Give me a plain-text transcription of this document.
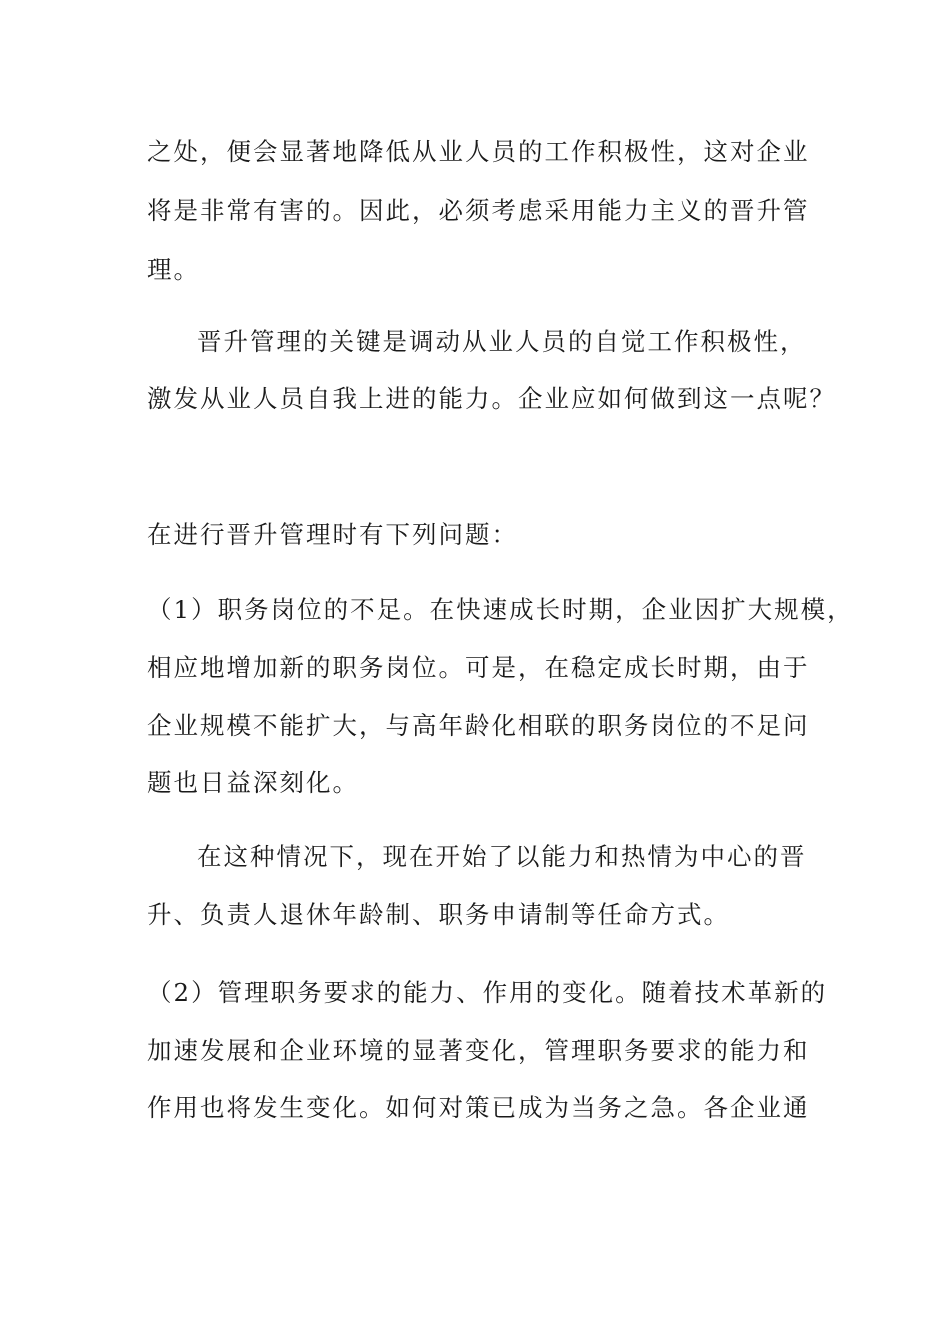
之处，便会显著地降低从业人员的工作积极性，这对企业
将是非常有害的。因此，必须考虑采用能力主义的晋升管
理。
晋升管理的关键是调动从业人员的自觉工作积极性，
激发从业人员自我上进的能力。企业应如何做到这一点呢？
在进行晋升管理时有下列问题：
（1）职务岗位的不足。在快速成长时期，企业因扩大规模，
相应地增加新的职务岗位。可是，在稳定成长时期，由于
企业规模不能扩大，与高年龄化相联的职务岗位的不足问
题也日益深刻化。
在这种情况下，现在开始了以能力和热情为中心的晋
升、负责人退休年龄制、职务申请制等任命方式。
（2）管理职务要求的能力、作用的变化。随着技术革新的
加速发展和企业环境的显著变化，管理职务要求的能力和
作用也将发生变化。如何对策已成为当务之急。各企业通
